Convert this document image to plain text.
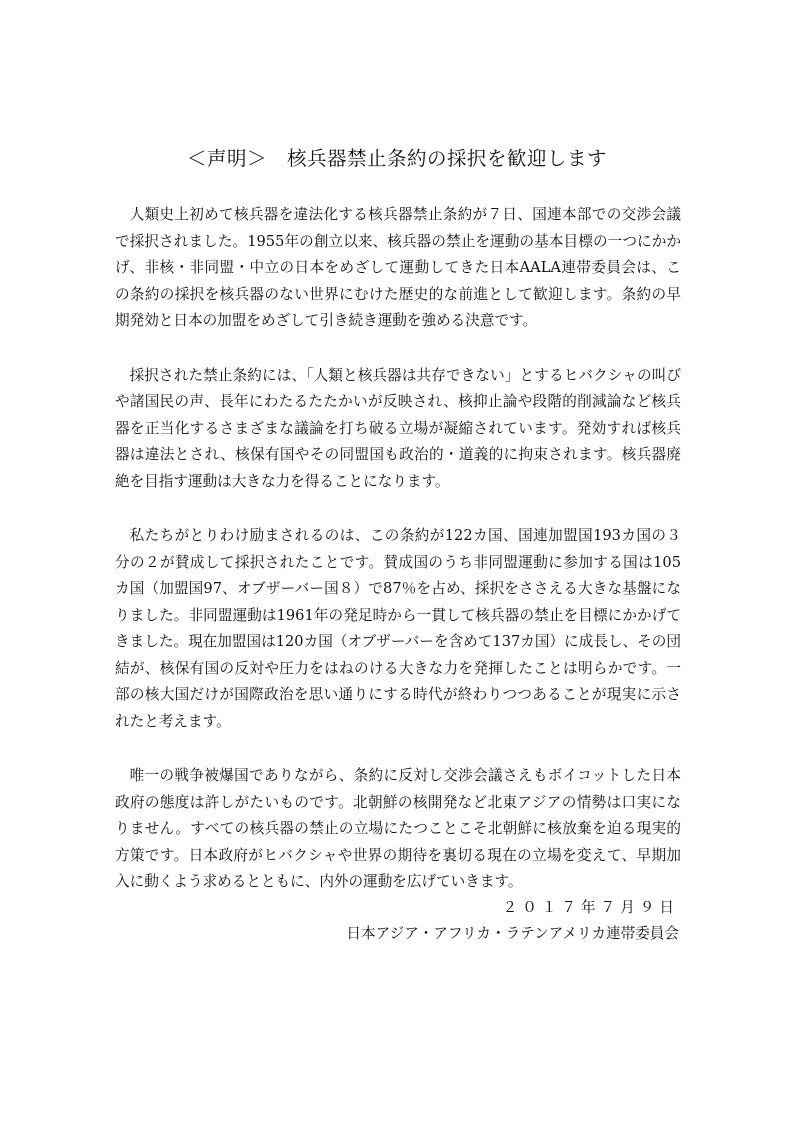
＜声明＞　核兵器禁止条約の採択を歓迎します

人類史上初めて核兵器を違法化する核兵器禁止条約が７日、国連本部での交渉会議で採択されました。1955年の創立以来、核兵器の禁止を運動の基本目標の一つにかかげ、非核・非同盟・中立の日本をめざして運動してきた日本AALA連帯委員会は、この条約の採択を核兵器のない世界にむけた歴史的な前進として歓迎します。条約の早期発効と日本の加盟をめざして引き続き運動を強める決意です。

採択された禁止条約には、「人類と核兵器は共存できない」とするヒバクシャの叫びや諸国民の声、長年にわたるたたかいが反映され、核抑止論や段階的削減論など核兵器を正当化するさまざまな議論を打ち破る立場が凝縮されています。発効すれば核兵器は違法とされ、核保有国やその同盟国も政治的・道義的に拘束されます。核兵器廃絶を目指す運動は大きな力を得ることになります。

私たちがとりわけ励まされるのは、この条約が122カ国、国連加盟国193カ国の３分の２が賛成して採択されたことです。賛成国のうち非同盟運動に参加する国は105カ国（加盟国97、オブザーバー国８）で87％を占め、採択をささえる大きな基盤になりました。非同盟運動は1961年の発足時から一貫して核兵器の禁止を目標にかかげてきました。現在加盟国は120カ国（オブザーバーを含めて137カ国）に成長し、その団結が、核保有国の反対や圧力をはねのける大きな力を発揮したことは明らかです。一部の核大国だけが国際政治を思い通りにする時代が終わりつつあることが現実に示されたと考えます。

唯一の戦争被爆国でありながら、条約に反対し交渉会議さえもボイコットした日本政府の態度は許しがたいものです。北朝鮮の核開発など北東アジアの情勢は口実になりません。すべての核兵器の禁止の立場にたつことこそ北朝鮮に核放棄を迫る現実的方策です。日本政府がヒバクシャや世界の期待を裏切る現在の立場を変えて、早期加入に動くよう求めるとともに、内外の運動を広げていきます。

２０１７年７月９日
日本アジア・アフリカ・ラテンアメリカ連帯委員会
